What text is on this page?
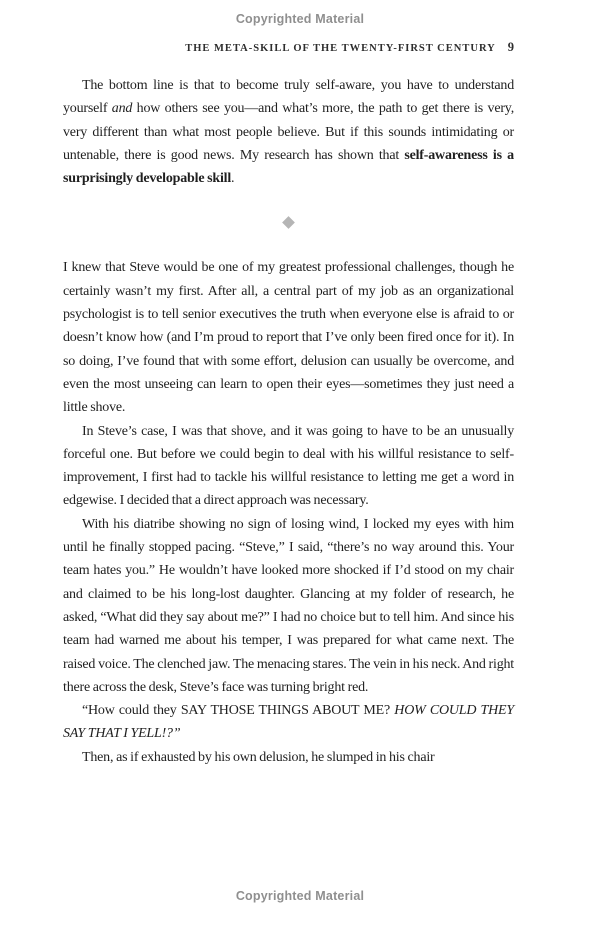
Copyrighted Material
THE META-SKILL OF THE TWENTY-FIRST CENTURY 9

The bottom line is that to become truly self-aware, you have to understand yourself and how others see you—and what’s more, the path to get there is very, very different than what most people believe. But if this sounds intimidating or untenable, there is good news. My research has shown that self-awareness is a surprisingly developable skill.

I knew that Steve would be one of my greatest professional challenges, though he certainly wasn’t my first. After all, a central part of my job as an organizational psychologist is to tell senior executives the truth when everyone else is afraid to or doesn’t know how (and I’m proud to report that I’ve only been fired once for it). In so doing, I’ve found that with some effort, delusion can usually be overcome, and even the most unseeing can learn to open their eyes—sometimes they just need a little shove.

In Steve’s case, I was that shove, and it was going to have to be an unusually forceful one. But before we could begin to deal with his willful resistance to self-improvement, I first had to tackle his willful resistance to letting me get a word in edgewise. I decided that a direct approach was necessary.

With his diatribe showing no sign of losing wind, I locked my eyes with him until he finally stopped pacing. “Steve,” I said, “there’s no way around this. Your team hates you.” He wouldn’t have looked more shocked if I’d stood on my chair and claimed to be his long-lost daughter. Glancing at my folder of research, he asked, “What did they say about me?” I had no choice but to tell him. And since his team had warned me about his temper, I was prepared for what came next. The raised voice. The clenched jaw. The menacing stares. The vein in his neck. And right there across the desk, Steve’s face was turning bright red.

“How could they SAY THOSE THINGS ABOUT ME? HOW COULD THEY SAY THAT I YELL!?”

Then, as if exhausted by his own delusion, he slumped in his chair

Copyrighted Material
